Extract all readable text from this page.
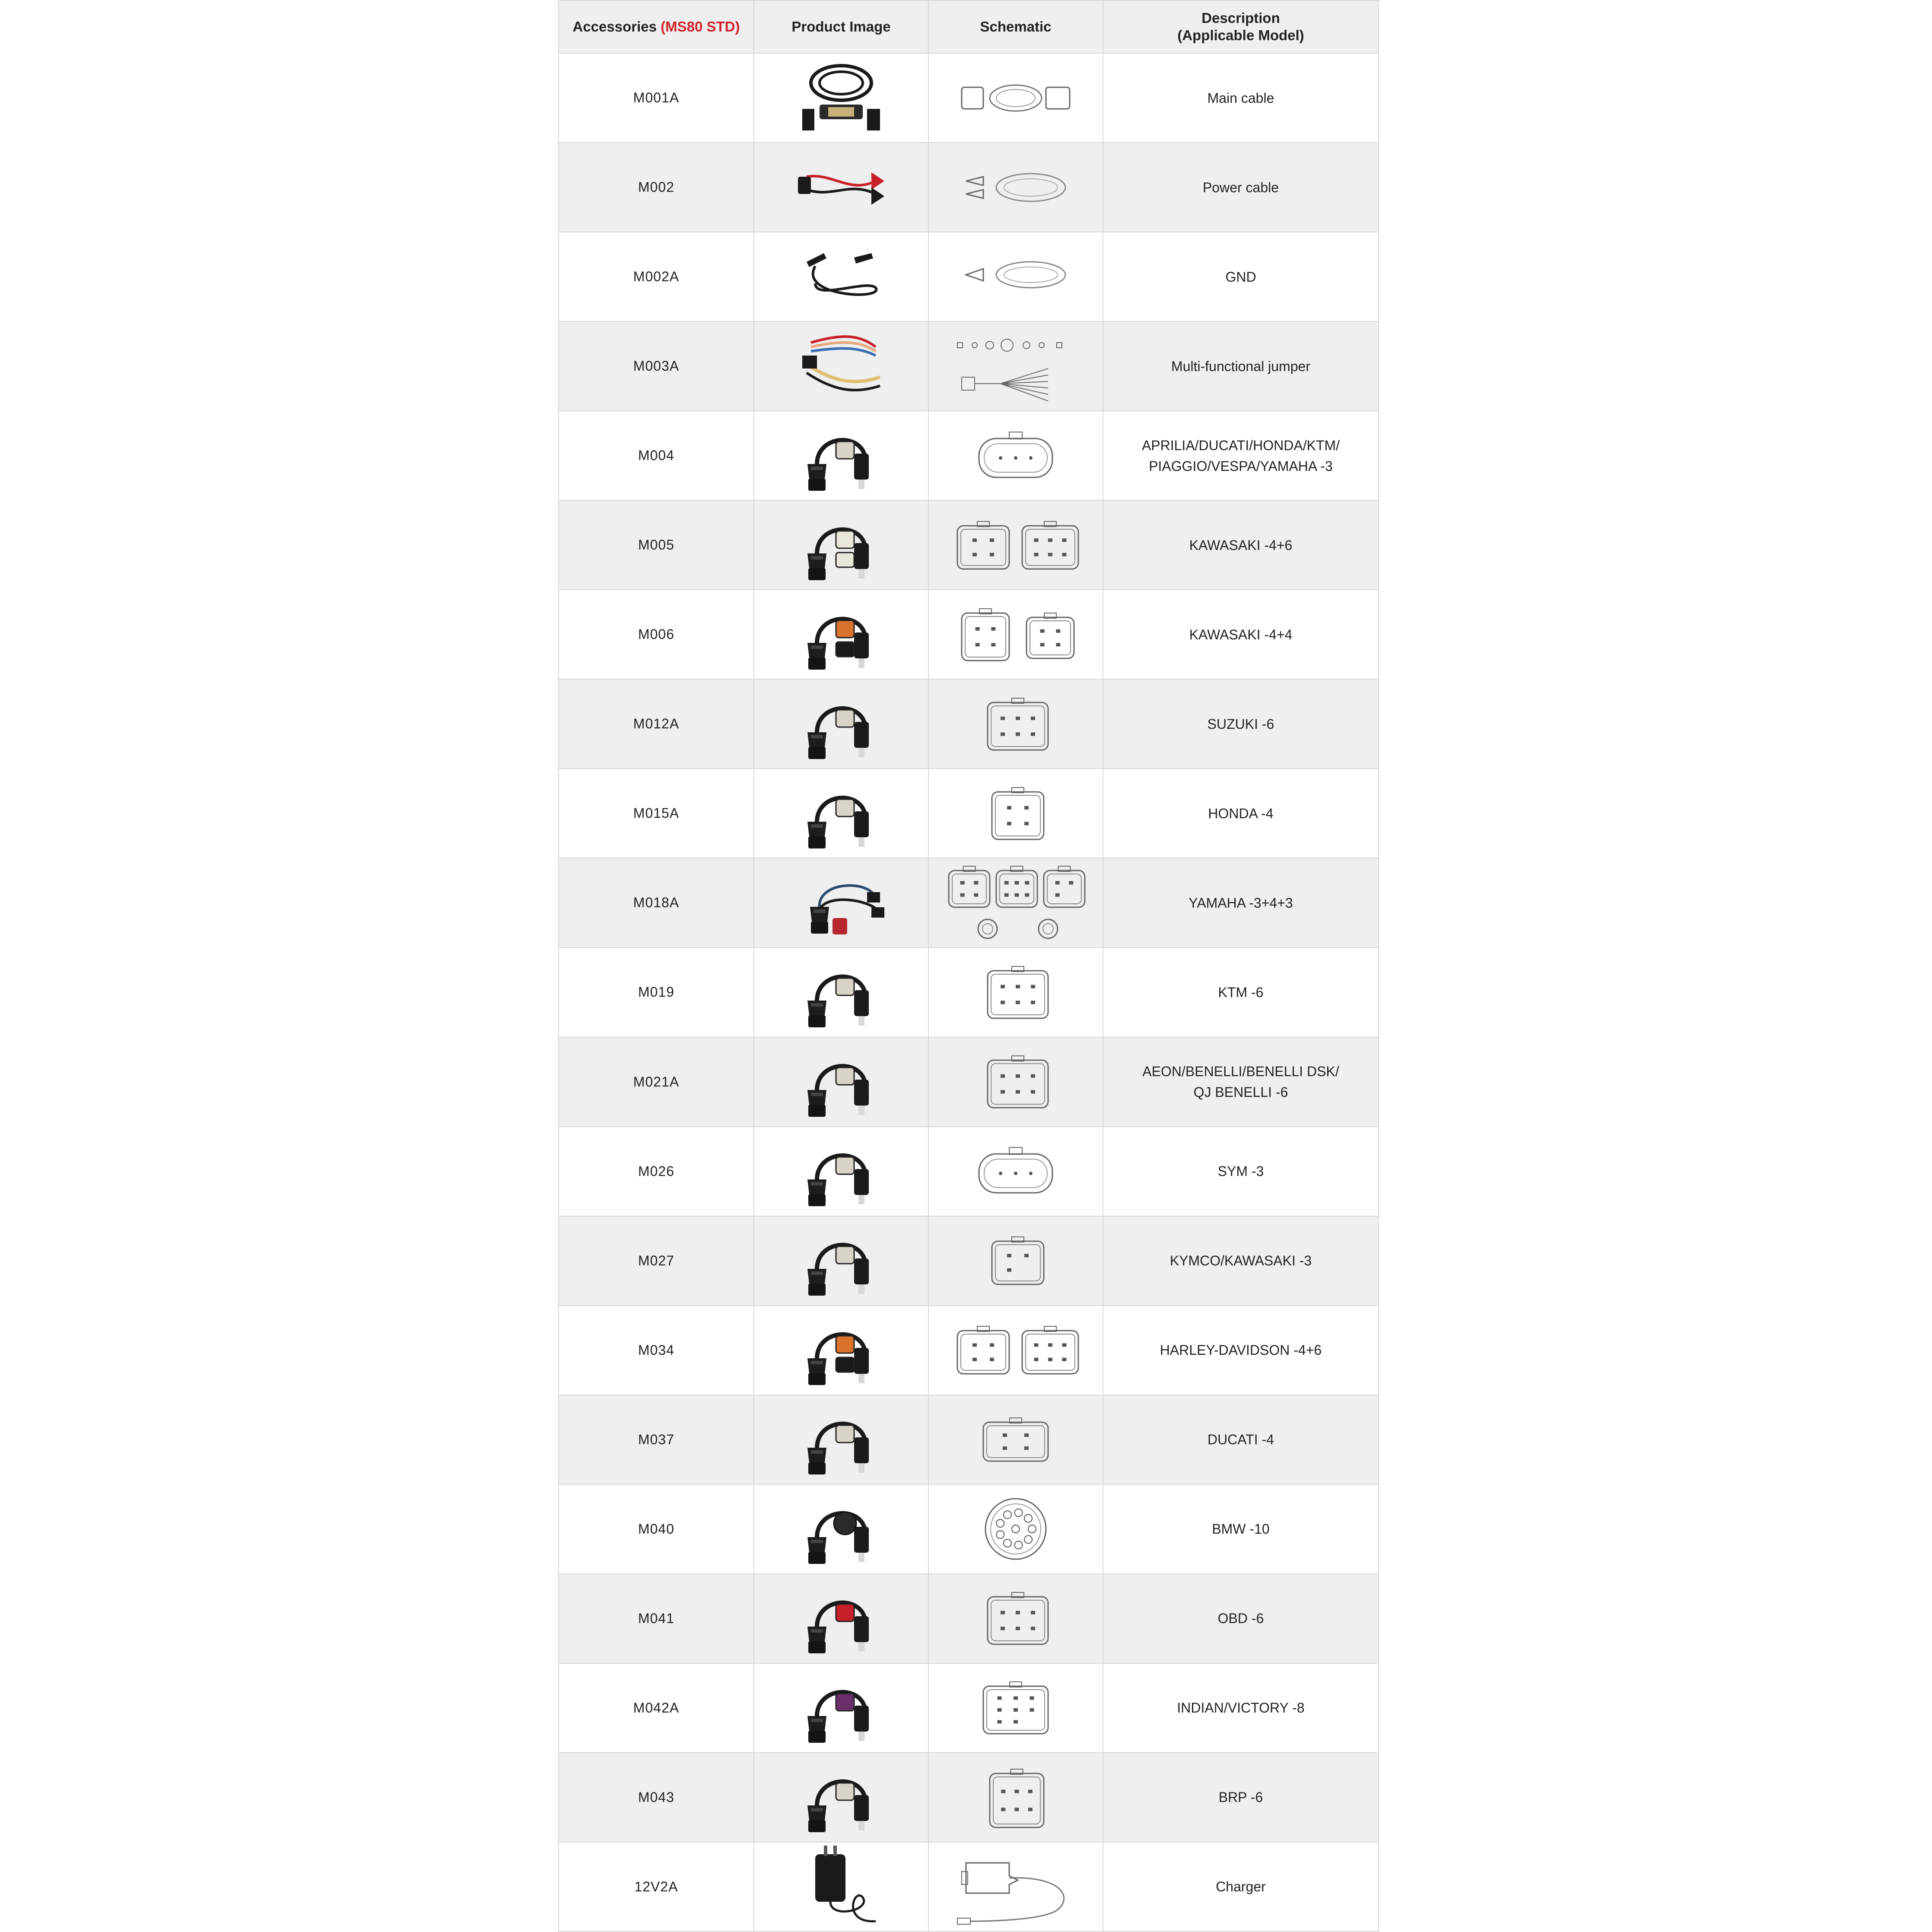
Accessories (MS80 STD)	Product Image	Schematic	Description
(Applicable Model)

M001A			Main cable

M002			Power cable

M002A			GND

M003A			Multi-functional jumper

M004			APRILIA/DUCATI/HONDA/KTM/
PIAGGIO/VESPA/YAMAHA -3

M005			KAWASAKI -4+6

M006			KAWASAKI -4+4

M012A			SUZUKI -6

M015A			HONDA -4

M018A			YAMAHA -3+4+3

M019			KTM -6

M021A			AEON/BENELLI/BENELLI DSK/
QJ BENELLI -6

M026			SYM -3

M027			KYMCO/KAWASAKI -3

M034			HARLEY-DAVIDSON -4+6

M037			DUCATI -4

M040			BMW -10

M041			OBD -6

M042A			INDIAN/VICTORY -8

M043			BRP -6

12V2A			Charger
